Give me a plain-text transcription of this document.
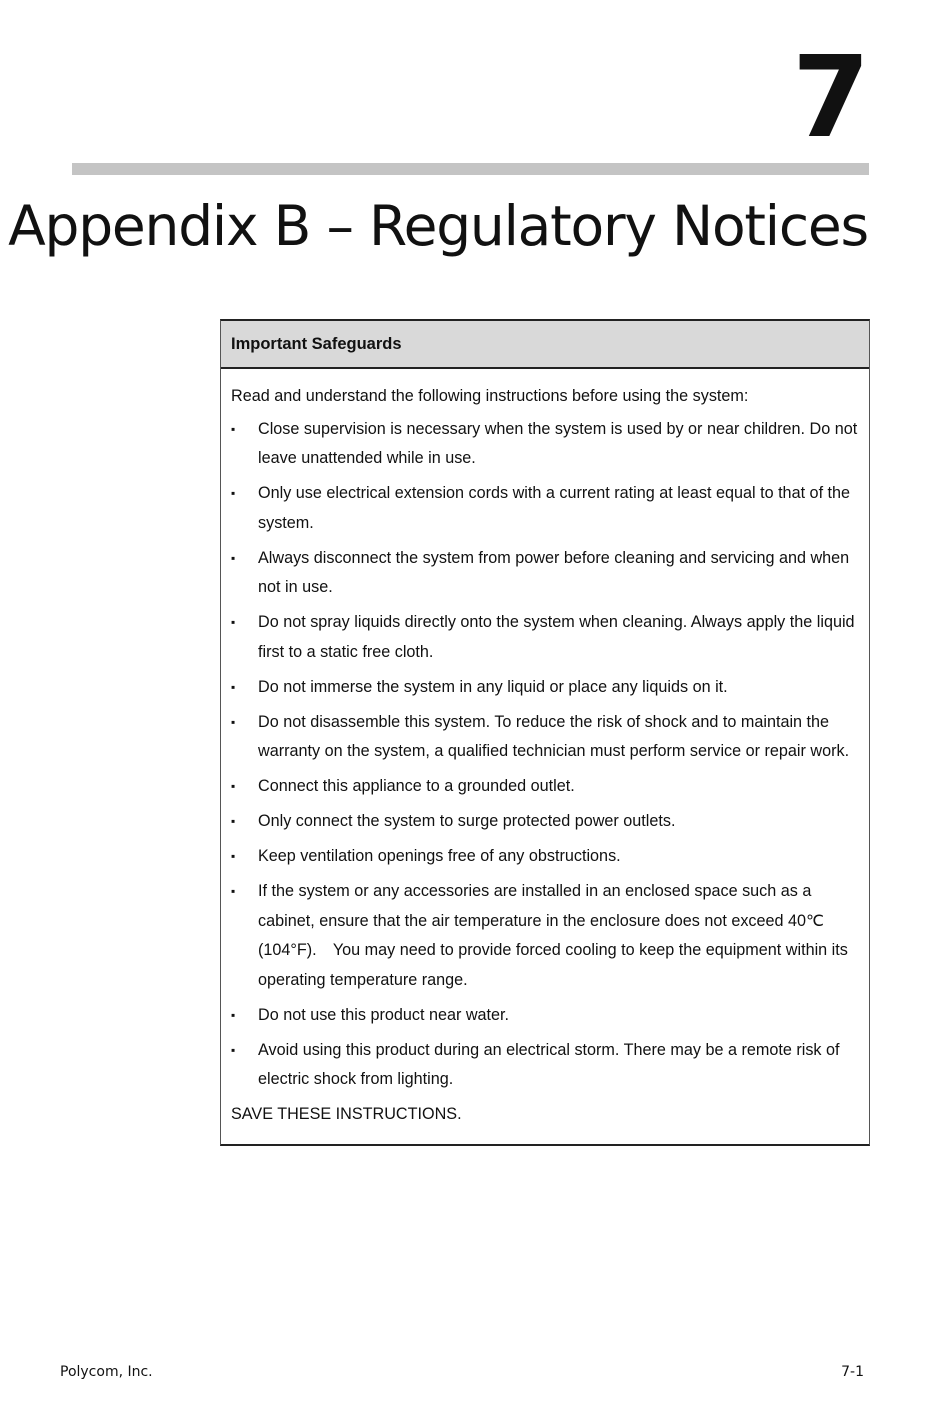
7
Appendix B – Regulatory Notices
Important Safeguards

Read and understand the following instructions before using the system:

▪ Close supervision is necessary when the system is used by or near children. Do not leave unattended while in use.
▪ Only use electrical extension cords with a current rating at least equal to that of the system.
▪ Always disconnect the system from power before cleaning and servicing and when not in use.
▪ Do not spray liquids directly onto the system when cleaning. Always apply the liquid first to a static free cloth.
▪ Do not immerse the system in any liquid or place any liquids on it.
▪ Do not disassemble this system. To reduce the risk of shock and to maintain the warranty on the system, a qualified technician must perform service or repair work.
▪ Connect this appliance to a grounded outlet.
▪ Only connect the system to surge protected power outlets.
▪ Keep ventilation openings free of any obstructions.
▪ If the system or any accessories are installed in an enclosed space such as a cabinet, ensure that the air temperature in the enclosure does not exceed 40℃ (104°F).　You may need to provide forced cooling to keep the equipment within its operating temperature range.
▪ Do not use this product near water.
▪ Avoid using this product during an electrical storm. There may be a remote risk of electric shock from lighting.

SAVE THESE INSTRUCTIONS.

Polycom, Inc.	7-1
